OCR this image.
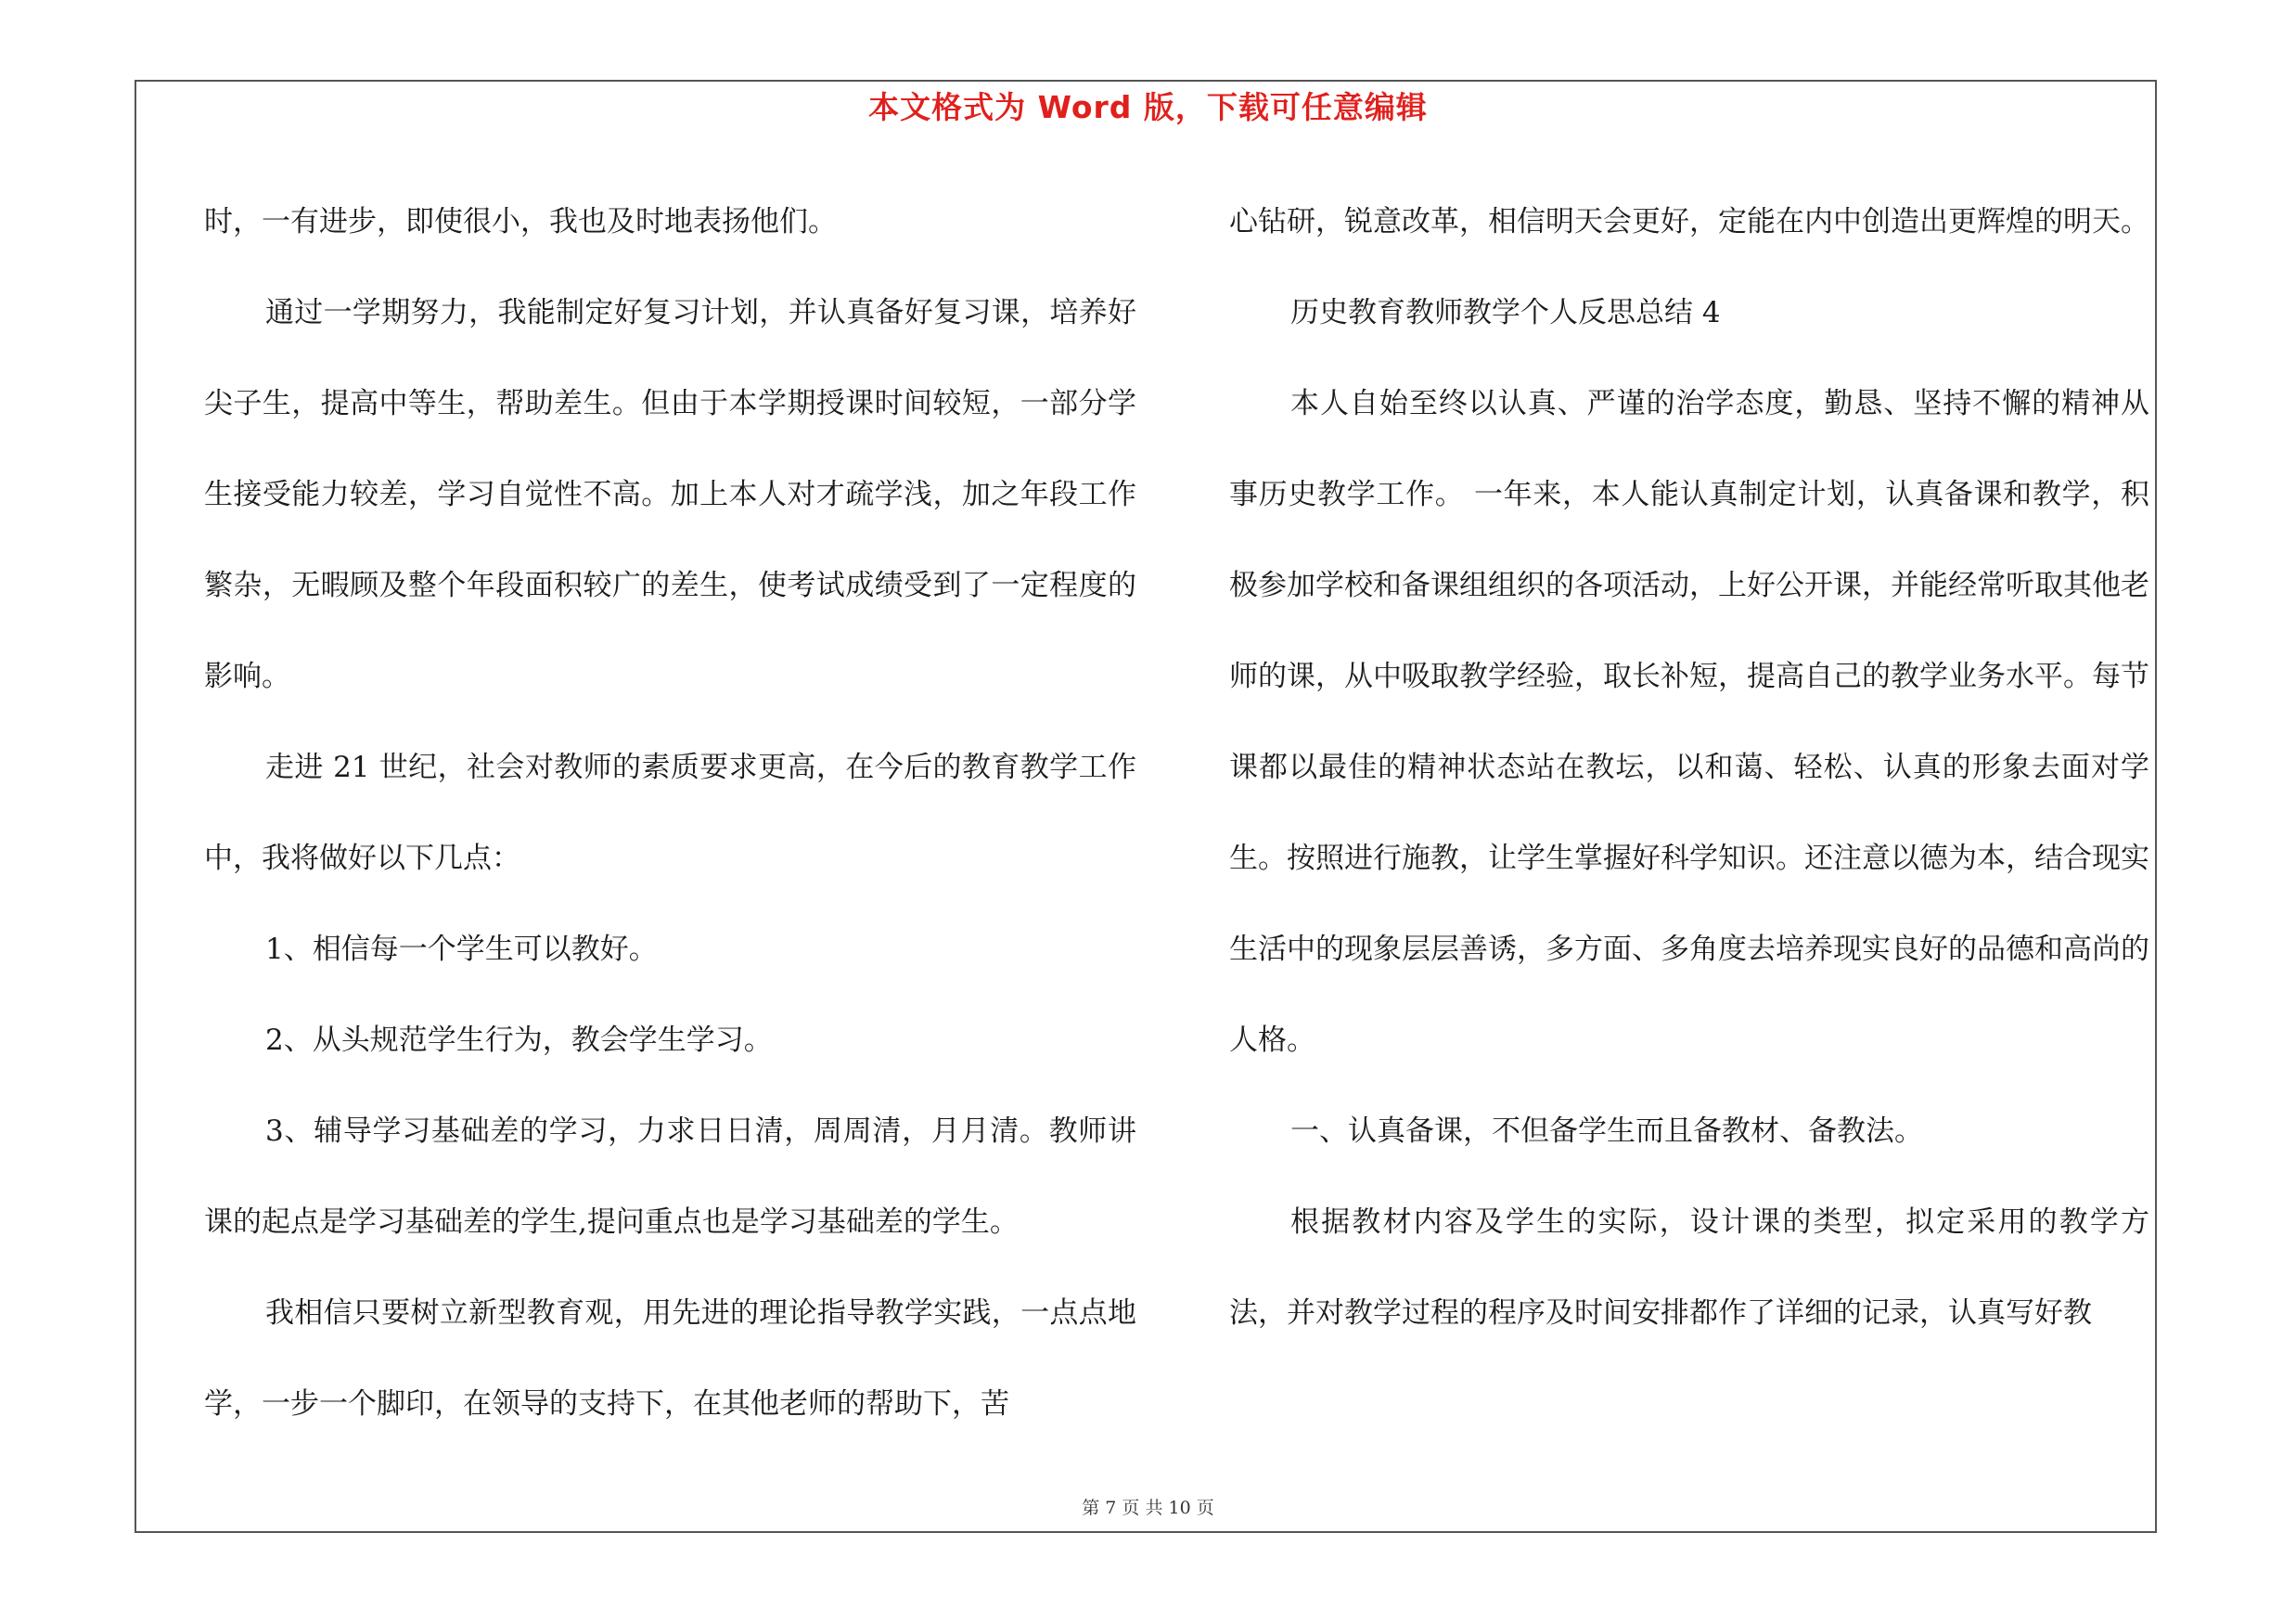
本文格式为 Word 版，下载可任意编辑

时，一有进步，即使很小，我也及时地表扬他们。

通过一学期努力，我能制定好复习计划，并认真备好复习课，培养好尖子生，提高中等生，帮助差生。但由于本学期授课时间较短，一部分学生接受能力较差，学习自觉性不高。加上本人对才疏学浅，加之年段工作繁杂，无暇顾及整个年段面积较广的差生，使考试成绩受到了一定程度的影响。

走进 21 世纪，社会对教师的素质要求更高，在今后的教育教学工作中，我将做好以下几点：

1、相信每一个学生可以教好。

2、从头规范学生行为，教会学生学习。

3、辅导学习基础差的学习，力求日日清，周周清，月月清。教师讲课的起点是学习基础差的学生,提问重点也是学习基础差的学生。

我相信只要树立新型教育观，用先进的理论指导教学实践，一点点地学，一步一个脚印，在领导的支持下，在其他老师的帮助下，苦

心钻研，锐意改革，相信明天会更好，定能在内中创造出更辉煌的明天。

历史教育教师教学个人反思总结 4

本人自始至终以认真、严谨的治学态度，勤恳、坚持不懈的精神从事历史教学工作。 一年来，本人能认真制定计划，认真备课和教学，积极参加学校和备课组组织的各项活动，上好公开课，并能经常听取其他老师的课，从中吸取教学经验，取长补短，提高自己的教学业务水平。每节课都以最佳的精神状态站在教坛，以和蔼、轻松、认真的形象去面对学生。按照进行施教，让学生掌握好科学知识。还注意以德为本，结合现实生活中的现象层层善诱，多方面、多角度去培养现实良好的品德和高尚的人格。

一、认真备课，不但备学生而且备教材、备教法。

根据教材内容及学生的实际，设计课的类型，拟定采用的教学方法，并对教学过程的程序及时间安排都作了详细的记录，认真写好教

第 7 页 共 10 页
